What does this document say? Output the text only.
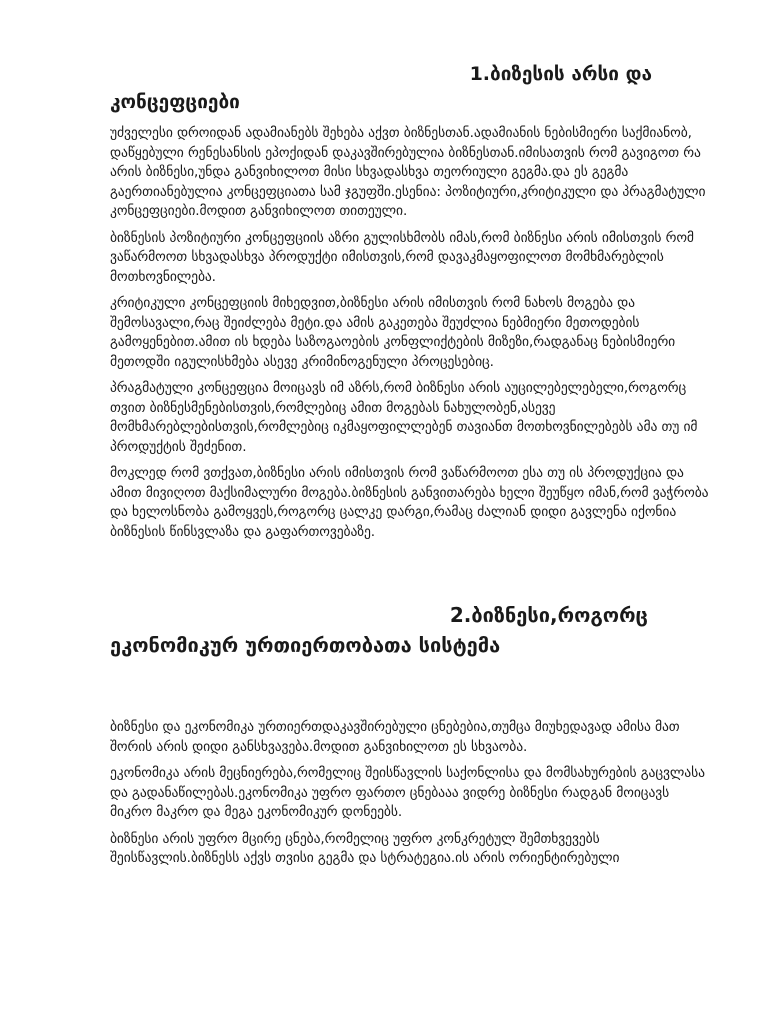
1.ბიზესის არსი და
კონცეფციები

უძველესი დროიდან ადამიანებს შეხება აქვთ ბიზნესთან.ადამიანის ნებისმიერი საქმიანობ, დაწყებული რენესანსის ეპოქიდან დაკავშირებულია ბიზნესთან.იმისათვის რომ გავიგოთ რა არის ბიზნესი,უნდა განვიხილოთ მისი სხვადასხვა თეორიული გეგმა.და ეს გეგმა გაერთიანებულია კონცეფციათა სამ ჯგუფში.ესენია: პოზიტიური,კრიტიკული და პრაგმატული კონცეფციები.მოდით განვიხილოთ თითეული.

ბიზნესის პოზიტიური კონცეფციის აზრი გულისხმობს იმას,რომ ბიზნესი არის იმისთვის რომ ვაწარმოოთ სხვადასხვა პროდუქტი იმისთვის,რომ დავაკმაყოფილოთ მომხმარებლის მოთხოვნილება.

კრიტიკული კონცეფციის მიხედვით,ბიზნესი არის იმისთვის რომ ნახოს მოგება და შემოსავალი,რაც შეიძლება მეტი.და ამის გაკეთება შეუძლია ნებმიერი მეთოდების გამოყენებით.ამით ის ხდება საზოგაოების კონფლიქტების მიზეზი,რადგანაც ნებისმიერი მეთოდში იგულისხმება ასევე კრიმინოგენული პროცესებიც.

პრაგმატული კონცეფცია მოიცავს იმ აზრს,რომ ბიზნესი არის აუცილებელებელი,როგორც თვით ბიზნესმენებისთვის,რომლებიც ამით მოგებას ნახულობენ,ასევე მომხმარებლებისთვის,რომლებიც იკმაყოფილლებენ თავიანთ მოთხოვნილებებს ამა თუ იმ პროდუქტის შეძენით.

მოკლედ რომ ვთქვათ,ბიზნესი არის იმისთვის რომ ვაწარმოოთ ესა თუ ის პროდუქცია და ამით მივიღოთ მაქსიმალური მოგება.ბიზნესის განვითარება ხელი შეუწყო იმან,რომ ვაჭრობა და ხელოსნობა გამოყვეს,როგორც ცალკე დარგი,რამაც ძალიან დიდი გავლენა იქონია ბიზნესის წინსვლაზა და გაფართოვებაზე.

2.ბიზნესი,როგორც
ეკონომიკურ ურთიერთობათა სისტემა

ბიზნესი და ეკონომიკა ურთიერთდაკავშირებული ცნებებია,თუმცა მიუხედავად ამისა მათ შორის არის დიდი განსხვავება.მოდით განვიხილოთ ეს სხვაობა.

ეკონომიკა არის მეცნიერება,რომელიც შეისწავლის საქონლისა და მომსახურების გაცვლასა და გადანაწილებას.ეკონომიკა უფრო ფართო ცნებააა ვიდრე ბიზნესი რადგან მოიცავს მიკრო მაკრო და მეგა ეკონომიკურ დონეებს.

ბიზნესი არის უფრო მცირე ცნება,რომელიც უფრო კონკრეტულ შემთხვევებს შეისწავლის.ბიზნესს აქვს თვისი გეგმა და სტრატეგია.ის არის ორიენტირებული
